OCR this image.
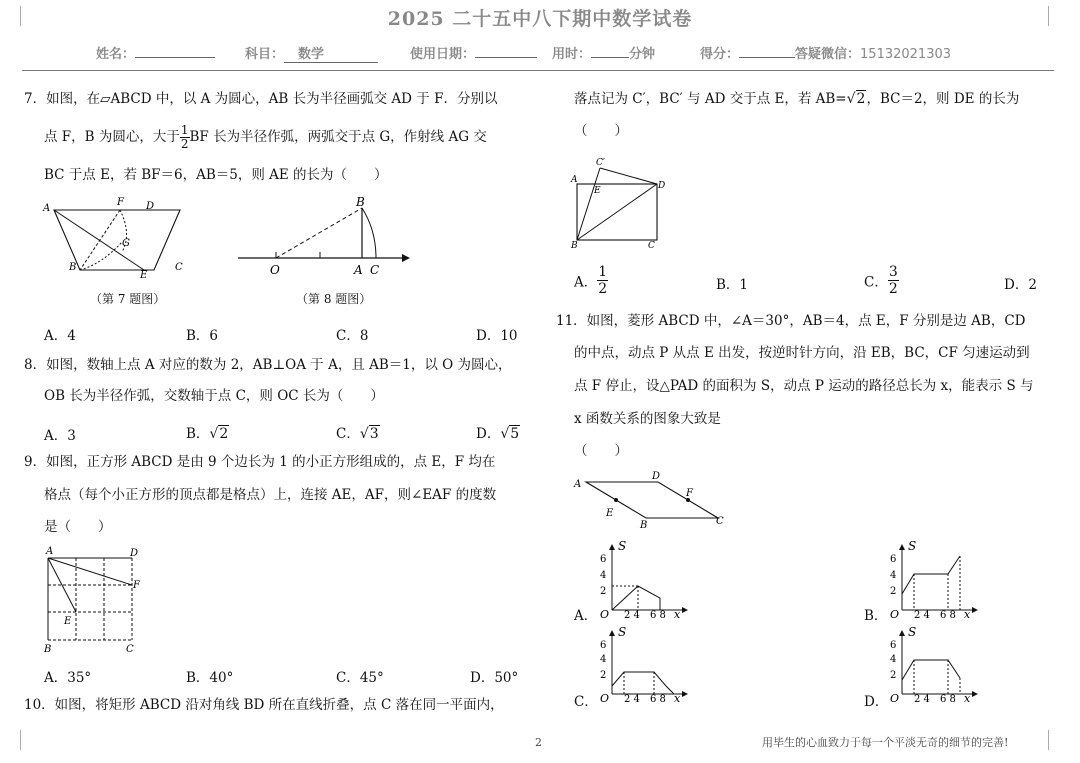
2025 二十五中八下期中数学试卷
姓名：	科目： 数学	使用日期：	用时：	分钟	得分：	答疑微信：15132021303
7．如图，在▱ABCD 中，以 A 为圆心，AB 长为半径画弧交 AD 于 F．分别以
点 F，B 为圆心，大于 $\frac{1}{2}$ BF 长为半径作弧，两弧交于点 G，作射线 AG 交
BC 于点 E，若 BF＝6，AB＝5，则 AE 的长为（　　）
A
F D
G
B
E
C
（第 7 题图）
B
O	A C
（第 8 题图）
A．4	B．6	C．8	D．10
8．如图，数轴上点 A 对应的数为 2，AB⊥OA 于 A，且 AB＝1，以 O 为圆心，
OB 长为半径作弧，交数轴于点 C，则 OC 长为（　　）
A．3	B．√2	C．√3	D．√5
9．如图，正方形 ABCD 是由 9 个边长为 1 的小正方形组成的，点 E，F 均在
格点（每个小正方形的顶点都是格点）上，连接 AE，AF，则∠EAF 的度数
是（　　）
A	D
F
E
B	C
A．35°	B．40°	C．45°	D．50°
10．如图，将矩形 ABCD 沿对角线 BD 所在直线折叠，点 C 落在同一平面内，
落点记为 C′，BC′ 与 AD 交于点 E，若 AB=√2，BC＝2，则 DE 的长为
（　　）
C′
A
E	D
B	C
A． $\frac{1}{2}$	B．1	C． $\frac{3}{2}$	D．2
11．如图，菱形 ABCD 中，∠A＝30°，AB＝4，点 E，F 分别是边 AB，CD
的中点，动点 P 从点 E 出发，按逆时针方向，沿 EB，BC，CF 匀速运动到
点 F 停止，设△PAD 的面积为 S，动点 P 运动的路径总长为 x，能表示 S 与
x 函数关系的图象大致是
（　　）
A
D
F
E
B	C
A．
6
4
2
S
O 2 4 6 8 x	B．
6
4
2
S
O 2 4 6 8 x
C．
6
4
2
S
O 2 4 6 8 x	D．
6
4
2
S
O 2 4 6 8 x
2	用毕生的心血致力于每一个平淡无奇的细节的完善!
